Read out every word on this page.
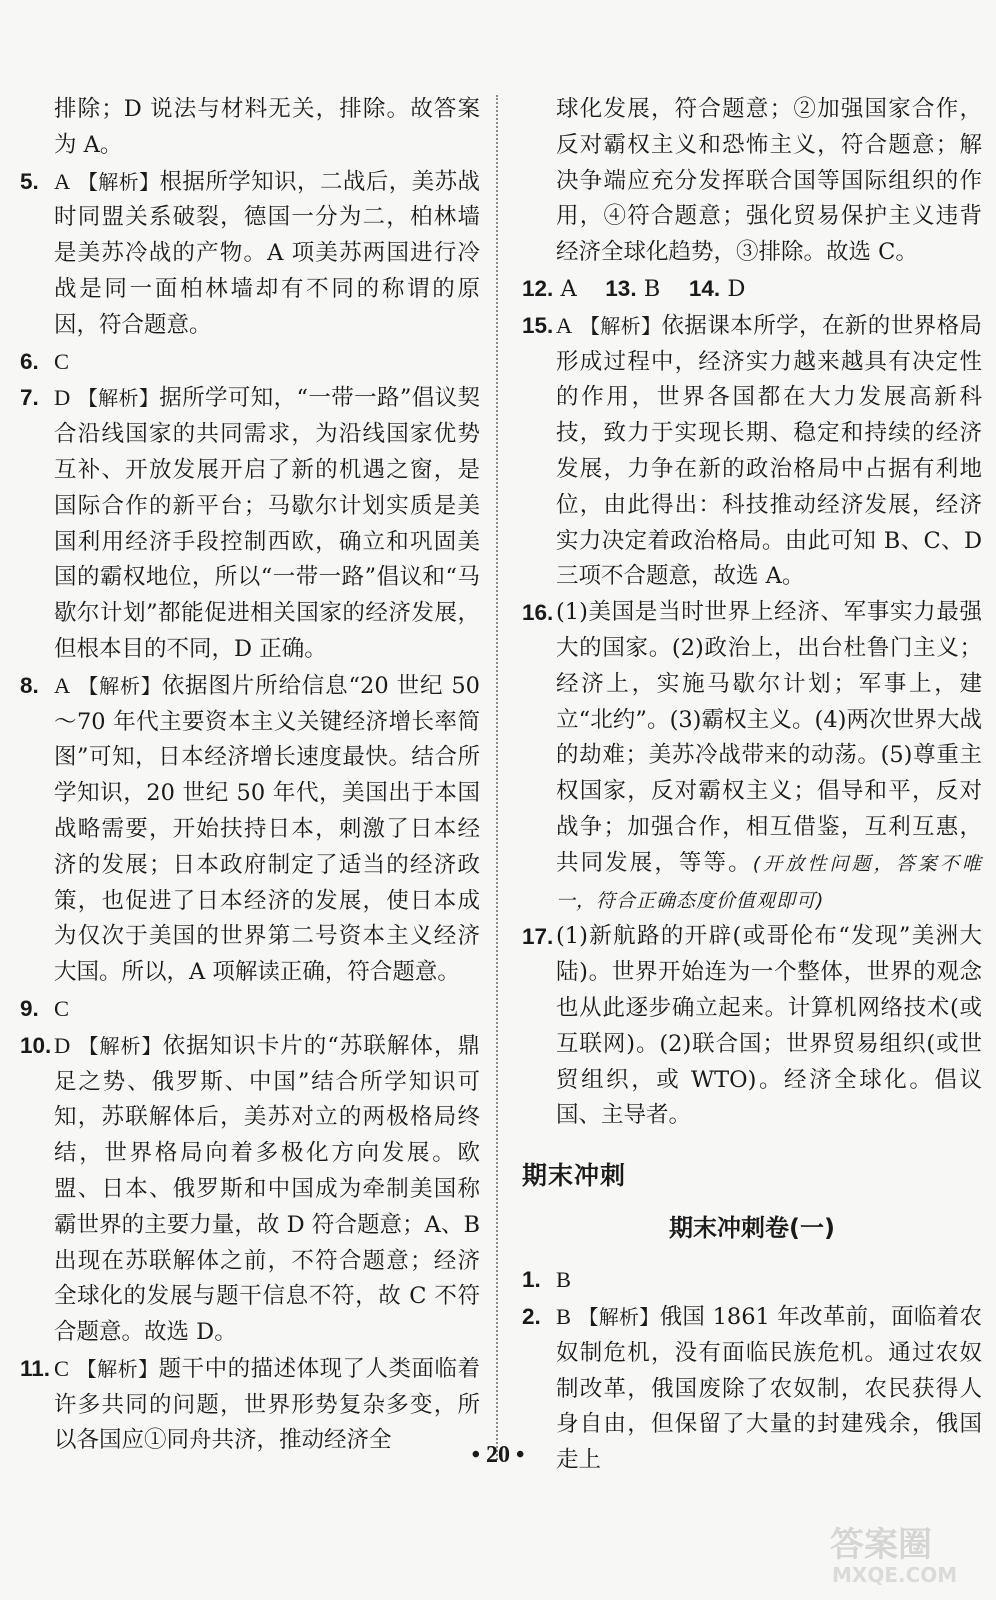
排除；D 说法与材料无关，排除。故答案为 A。
5. A 【解析】根据所学知识，二战后，美苏战时同盟关系破裂，德国一分为二，柏林墙是美苏冷战的产物。A 项美苏两国进行冷战是同一面柏林墙却有不同的称谓的原因，符合题意。
6. C
7. D 【解析】据所学可知，“一带一路”倡议契合沿线国家的共同需求，为沿线国家优势互补、开放发展开启了新的机遇之窗，是国际合作的新平台；马歇尔计划实质是美国利用经济手段控制西欧，确立和巩固美国的霸权地位，所以“一带一路”倡议和“马歇尔计划”都能促进相关国家的经济发展，但根本目的不同，D 正确。
8. A 【解析】依据图片所给信息“20 世纪 50～70 年代主要资本主义关键经济增长率简图”可知，日本经济增长速度最快。结合所学知识，20 世纪 50 年代，美国出于本国战略需要，开始扶持日本，刺激了日本经济的发展；日本政府制定了适当的经济政策，也促进了日本经济的发展，使日本成为仅次于美国的世界第二号资本主义经济大国。所以，A 项解读正确，符合题意。
9. C
10. D 【解析】依据知识卡片的“苏联解体，鼎足之势、俄罗斯、中国”结合所学知识可知，苏联解体后，美苏对立的两极格局终结，世界格局向着多极化方向发展。欧盟、日本、俄罗斯和中国成为牵制美国称霸世界的主要力量，故 D 符合题意；A、B 出现在苏联解体之前，不符合题意；经济全球化的发展与题干信息不符，故 C 不符合题意。故选 D。
11. C 【解析】题干中的描述体现了人类面临着许多共同的问题，世界形势复杂多变，所以各国应①同舟共济，推动经济全
球化发展，符合题意；②加强国家合作，反对霸权主义和恐怖主义，符合题意；解决争端应充分发挥联合国等国际组织的作用，④符合题意；强化贸易保护主义违背经济全球化趋势，③排除。故选 C。
12. A 13. B 14. D
15. A 【解析】依据课本所学，在新的世界格局形成过程中，经济实力越来越具有决定性的作用，世界各国都在大力发展高新科技，致力于实现长期、稳定和持续的经济发展，力争在新的政治格局中占据有利地位，由此得出：科技推动经济发展，经济实力决定着政治格局。由此可知 B、C、D 三项不合题意，故选 A。
16. (1)美国是当时世界上经济、军事实力最强大的国家。(2)政治上，出台杜鲁门主义；经济上，实施马歇尔计划；军事上，建立“北约”。(3)霸权主义。(4)两次世界大战的劫难；美苏冷战带来的动荡。(5)尊重主权国家，反对霸权主义；倡导和平，反对战争；加强合作，相互借鉴，互利互惠，共同发展，等等。(开放性问题，答案不唯一，符合正确态度价值观即可)
17. (1)新航路的开辟(或哥伦布“发现”美洲大陆)。世界开始连为一个整体，世界的观念也从此逐步确立起来。计算机网络技术(或互联网)。(2)联合国；世界贸易组织(或世贸组织，或 WTO)。经济全球化。倡议国、主导者。
期末冲刺
期末冲刺卷(一)
1. B
2. B 【解析】俄国 1861 年改革前，面临着农奴制危机，没有面临民族危机。通过农奴制改革，俄国废除了农奴制，农民获得人身自由，但保留了大量的封建残余，俄国走上
• 20 •
答案圈
MXQE.COM
